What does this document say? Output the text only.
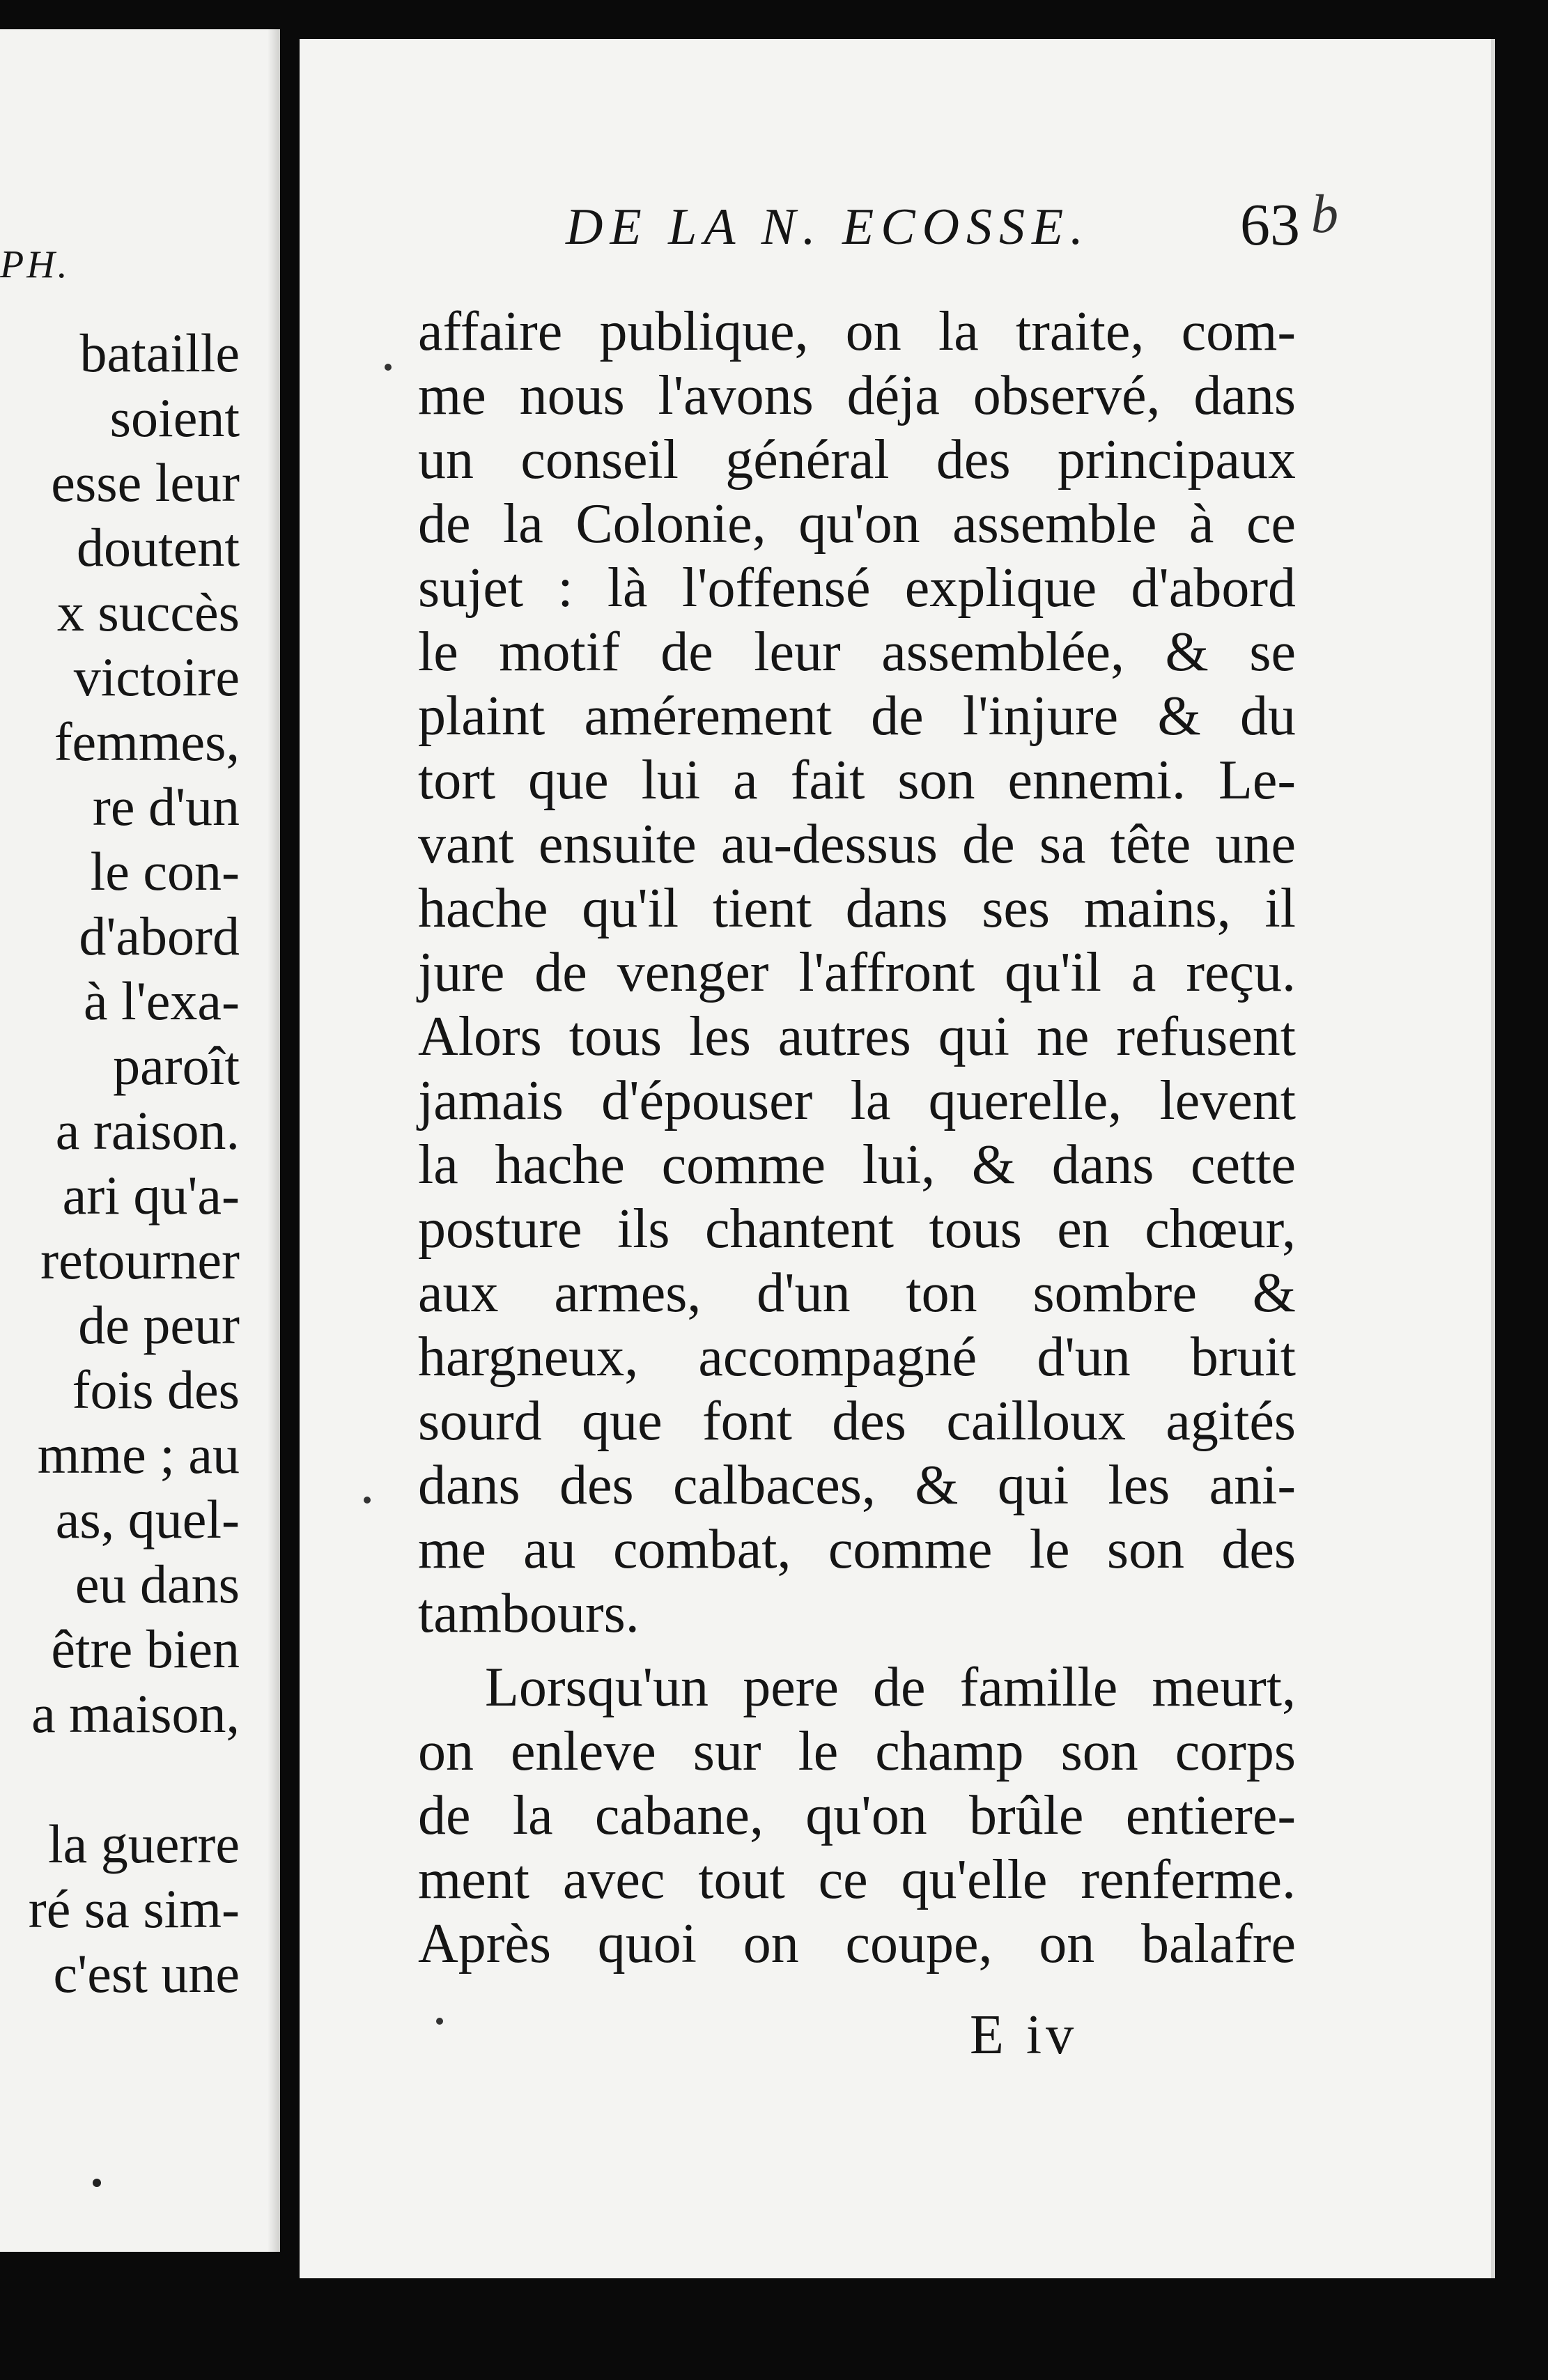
PH.
bataille
soient
esse leur
doutent
x succès
victoire
femmes,
re d'un
le con-
d'abord
à l'exa-
paroît
a raison.
ari qu'a-
retourner
de peur
fois des
mme ; au
as, quel-
eu dans
être bien
a maison,
la guerre
ré sa sim-
c'est une
DE LA N. ECOSSE.	63 b
affaire publique, on la traite, com-
me nous l'avons déja observé, dans
un conseil général des principaux
de la Colonie, qu'on assemble à ce
sujet : là l'offensé explique d'abord
le motif de leur assemblée, & se
plaint amérement de l'injure & du
tort que lui a fait son ennemi. Le-
vant ensuite au-dessus de sa tête une
hache qu'il tient dans ses mains, il
jure de venger l'affront qu'il a reçu.
Alors tous les autres qui ne refusent
jamais d'épouser la querelle, levent
la hache comme lui, & dans cette
posture ils chantent tous en chœur,
aux armes, d'un ton sombre &
hargneux, accompagné d'un bruit
sourd que font des cailloux agités
dans des calbaces, & qui les ani-
me au combat, comme le son des
tambours.
Lorsqu'un pere de famille meurt,
on enleve sur le champ son corps
de la cabane, qu'on brûle entiere-
ment avec tout ce qu'elle renferme.
Après quoi on coupe, on balafre
E iv
